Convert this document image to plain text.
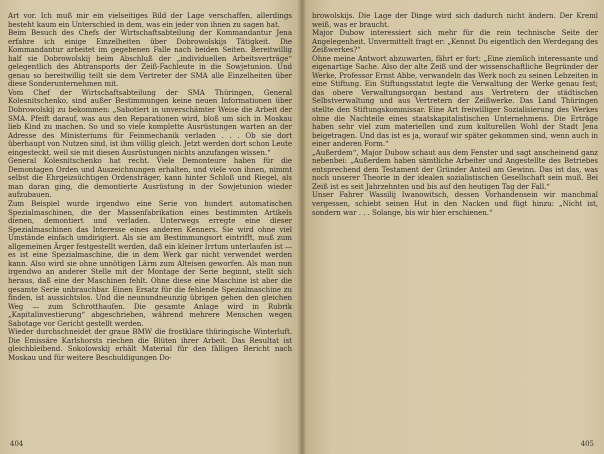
Art vor. Ich muß mir ein vielseitiges Bild der Lage verschaffen, allerdings besteht kaum ein Unterschied in dem, was ein jeder von ihnen zu sagen hat.

Beim Besuch des Chefs der Wirtschaftsabteilung der Kommandantur Jena erfahre ich einige Einzelheiten über Dobrowolskijs Tätigkeit. Die Kommandantur arbeitet im gegebenen Falle nach beiden Seiten. Bereitwillig half sie Dobrowolskij beim Abschluß der „individuellen Arbeitsverträge“ gelegentlich des Abtransports der Zeiß-Fachleute in die Sowjetunion. Und genau so bereitwillig teilt sie dem Vertreter der SMA alle Einzelheiten über diese Sonderunternehmen mit.

Vom Chef der Wirtschaftsabteilung der SMA Thüringen, General Kolesnitschenko, sind außer Bestimmungen keine neuen Informationen über Dobrowolskij zu bekommen: „Sabotiert in unverschämter Weise die Arbeit der SMA. Pfeift darauf, was aus den Reparationen wird, bloß um sich in Moskau lieb Kind zu machen. So und so viele komplette Ausrüstungen warten an der Adresse des Ministeriums für Feinmechanik verladen . . . Ob sie dort überhaupt von Nutzen sind, ist ihm völlig gleich. Jetzt werden dort schon Leute eingesteckt, weil sie mit diesen Ausrüstungen nichts anzufangen wissen.“

General Kolesnitschenko hat recht. Viele Demonteure haben für die Demontagen Orden und Auszeichnungen erhalten, und viele von ihnen, nimmt selbst die Ehrgeizsüchtigen Ordensträger, kann hinter Schloß und Riegel, als man daran ging, die demontierte Ausrüstung in der Sowjetunion wieder aufzubauen.

Zum Beispiel wurde irgendwo eine Serie von hundert automatischen Spezialmaschinen, die der Massenfabrikation eines bestimmten Artikels dienen, demontiert und verladen. Unterwegs erregte eine dieser Spezialmaschinen das Interesse eines anderen Kenners. Sie wird ohne viel Umstände einfach umdirigiert. Als sie am Bestimmungsort eintrifft, muß zum allgemeinen Ärger festgestellt werden, daß ein kleiner Irrtum unterlaufen ist — es ist eine Spezialmaschine, die in dem Werk gar nicht verwendet werden kann. Also wird sie ohne unnötigen Lärm zum Alteisen geworfen. Als man nun irgendwo an anderer Stelle mit der Montage der Serie beginnt, stellt sich heraus, daß eine der Maschinen fehlt. Ohne diese eine Maschine ist aber die gesamte Serie unbrauchbar. Einen Ersatz für die fehlende Spezialmaschine zu finden, ist aussichtslos. Und die neunundneunzig übrigen gehen den gleichen Weg — zum Schrotthaufen. Die gesamte Anlage wird in Rubrik „Kapitalinvestierung“ abgeschrieben, während mehrere Menschen wegen Sabotage vor Gericht gestellt werden.

Wieder durchschneidet der graue BMW die frostklare thüringische Winterluft. Die Emissäre Karlshorsts riechen die Blüten ihrer Arbeit. Das Resultat ist gleichbleibend. Sokolowskij erhält Material für den fälligen Bericht nach Moskau und für weitere Beschuldigungen Do-

404

browolskijs. Die Lage der Dinge wird sich dadurch nicht ändern. Der Kreml weiß, was er braucht.

Major Dubow interessiert sich mehr für die rein technische Seite der Angelegenheit. Unvermittelt fragt er: „Kennst Du eigentlich den Werdegang des Zeißwerkes?“

Ohne meine Antwort abzuwarten, fährt er fort: „Eine ziemlich interessante und eigenartige Sache. Also der alte Zeiß und der wissenschaftliche Begründer der Werke, Professor Ernst Abbe, verwandeln das Werk noch zu seinen Lebzeiten in eine Stiftung. Ein Stiftungsstatut legte die Verwaltung der Werke genau fest; das obere Verwaltungsorgan bestand aus Vertretern der städtischen Selbstverwaltung und aus Vertretern der Zeißwerke. Das Land Thüringen stellte den Stiftungskommissar. Eine Art freiwilliger Sozialisierung des Werkes ohne die Nachteile eines staatskapitalistischen Unternehmens. Die Erträge haben sehr viel zum materiellen und zum kulturellen Wohl der Stadt Jena beigetragen. Und das ist es ja, worauf wir später gekommen sind, wenn auch in einer anderen Form.“

„Außerdem“, Major Dubow schaut aus dem Fenster und sagt anscheinend ganz nebenbei: „Außerdem haben sämtliche Arbeiter und Angestellte des Betriebes entsprechend dem Testament der Gründer Anteil am Gewinn. Das ist das, was noch unserer Theorie in der idealen sozialistischen Gesellschaft sein muß. Bei Zeiß ist es seit Jahrzehnten und bis auf den heutigen Tag der Fall.“

Unser Fahrer Wassilij Iwanowitsch, dessen Vorhandensein wir manchmal vergessen, schiebt seinen Hut in den Nacken und fügt hinzu: „Nicht ist, sondern war . . . Solange, bis wir hier erschienen.“

405
